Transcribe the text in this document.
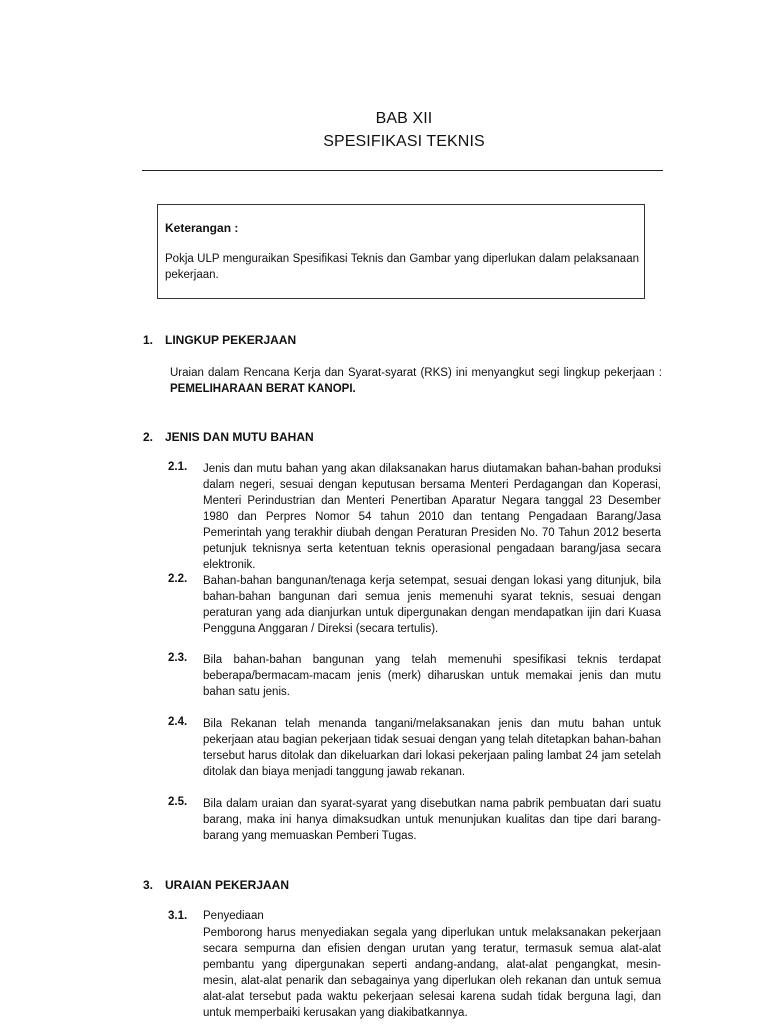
BAB XII
SPESIFIKASI TEKNIS
Keterangan :
Pokja ULP menguraikan Spesifikasi Teknis dan Gambar yang diperlukan dalam pelaksanaan pekerjaan.
1. LINGKUP PEKERJAAN
Uraian dalam Rencana Kerja dan Syarat-syarat (RKS) ini menyangkut segi lingkup pekerjaan : PEMELIHARAAN BERAT KANOPI.
2. JENIS DAN MUTU BAHAN
2.1. Jenis dan mutu bahan yang akan dilaksanakan harus diutamakan bahan-bahan produksi dalam negeri, sesuai dengan keputusan bersama Menteri Perdagangan dan Koperasi, Menteri Perindustrian dan Menteri Penertiban Aparatur Negara tanggal 23 Desember 1980 dan Perpres Nomor 54 tahun 2010 dan tentang Pengadaan Barang/Jasa Pemerintah yang terakhir diubah dengan Peraturan Presiden No. 70 Tahun 2012 beserta petunjuk teknisnya serta ketentuan teknis operasional pengadaan barang/jasa secara elektronik.
2.2. Bahan-bahan bangunan/tenaga kerja setempat, sesuai dengan lokasi yang ditunjuk, bila bahan-bahan bangunan dari semua jenis memenuhi syarat teknis, sesuai dengan peraturan yang ada dianjurkan untuk dipergunakan dengan mendapatkan ijin dari Kuasa Pengguna Anggaran / Direksi (secara tertulis).
2.3. Bila bahan-bahan bangunan yang telah memenuhi spesifikasi teknis terdapat beberapa/bermacam-macam jenis (merk) diharuskan untuk memakai jenis dan mutu bahan satu jenis.
2.4. Bila Rekanan telah menanda tangani/melaksanakan jenis dan mutu bahan untuk pekerjaan atau bagian pekerjaan tidak sesuai dengan yang telah ditetapkan bahan-bahan tersebut harus ditolak dan dikeluarkan dari lokasi pekerjaan paling lambat 24 jam setelah ditolak dan biaya menjadi tanggung jawab rekanan.
2.5. Bila dalam uraian dan syarat-syarat yang disebutkan nama pabrik pembuatan dari suatu barang, maka ini hanya dimaksudkan untuk menunjukan kualitas dan tipe dari barang-barang yang memuaskan Pemberi Tugas.
3. URAIAN PEKERJAAN
3.1. Penyediaan
Pemborong harus menyediakan segala yang diperlukan untuk melaksanakan pekerjaan secara sempurna dan efisien dengan urutan yang teratur, termasuk semua alat-alat pembantu yang dipergunakan seperti andang-andang, alat-alat pengangkat, mesin-mesin, alat-alat penarik dan sebagainya yang diperlukan oleh rekanan dan untuk semua alat-alat tersebut pada waktu pekerjaan selesai karena sudah tidak berguna lagi, dan untuk memperbaiki kerusakan yang diakibatkannya.
